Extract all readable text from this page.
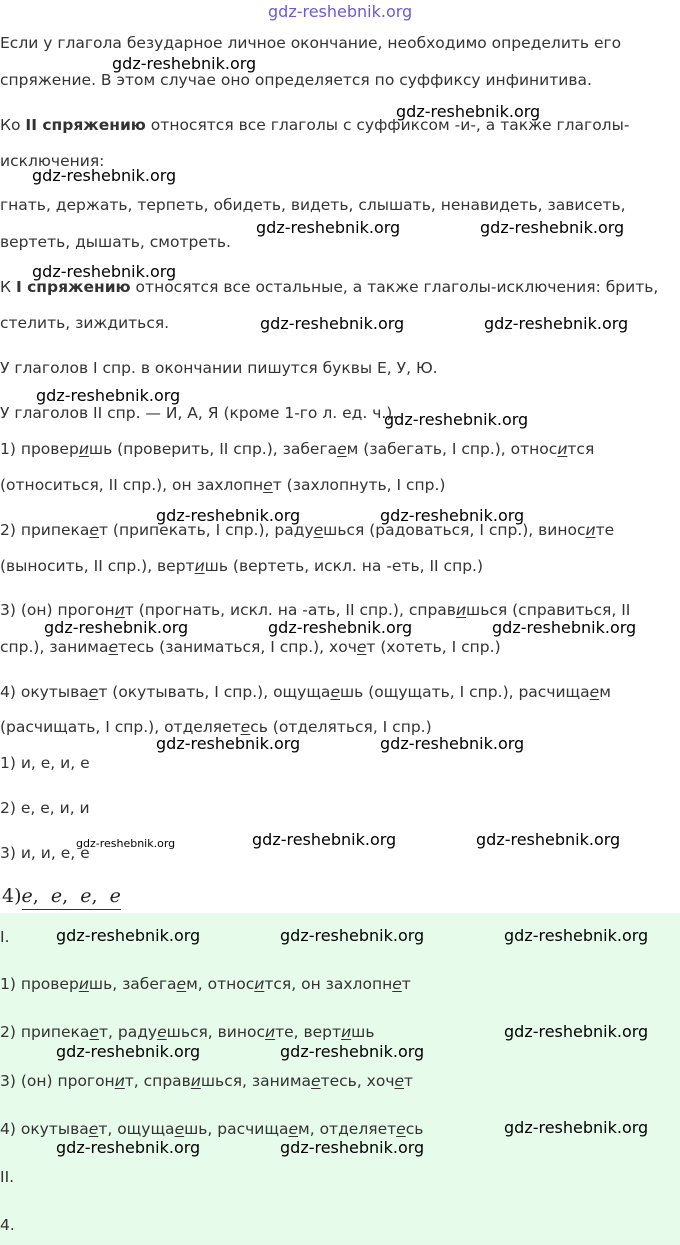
gdz-reshebnik.org
Если у глагола безударное личное окончание, необходимо определить его
спряжение. В этом случае оно определяется по суффиксу инфинитива.
Ко II спряжению относятся все глаголы с суффиксом -и-, а также глаголы-
исключения:
гнать, держать, терпеть, обидеть, видеть, слышать, ненавидеть, зависеть,
вертеть, дышать, смотреть.
К I спряжению относятся все остальные, а также глаголы-исключения: брить,
стелить, зиждиться.
У глаголов I спр. в окончании пишутся буквы Е, У, Ю.
У глаголов II спр. — И, А, Я (кроме 1-го л. ед. ч.).
1) проверишь (проверить, II спр.), забегаем (забегать, I спр.), относится
(относиться, II спр.), он захлопнет (захлопнуть, I спр.)
2) припекает (припекать, I спр.), радуешься (радоваться, I спр.), виносите
(выносить, II спр.), вертишь (вертеть, искл. на -еть, II спр.)
3) (он) прогонит (прогнать, искл. на -ать, II спр.), справишься (справиться, II
спр.), занимаетесь (заниматься, I спр.), хочет (хотеть, I спр.)
4) окутывает (окутывать, I спр.), ощущаешь (ощущать, I спр.), расчищаем
(расчищать, I спр.), отделяетесь (отделяться, I спр.)
1) и, е, и, е
2) е, е, и, и
3) и, и, е, е
4)е,  е,  е,  е
I.
1) проверишь, забегаем, относится, он захлопнет
2) припекает, радуешься, виносите, вертишь
3) (он) прогонит, справишься, занимаетесь, хочет
4) окутывает, ощущаешь, расчищаем, отделяетесь
II.
4.
gdz-reshebnik.org
gdz-reshebnik.org
gdz-reshebnik.org
gdz-reshebnik.org	gdz-reshebnik.org
gdz-reshebnik.org
gdz-reshebnik.org	gdz-reshebnik.org
gdz-reshebnik.org
gdz-reshebnik.org
gdz-reshebnik.org	gdz-reshebnik.org
gdz-reshebnik.org	gdz-reshebnik.org	gdz-reshebnik.org
gdz-reshebnik.org	gdz-reshebnik.org
gdz-reshebnik.org	gdz-reshebnik.org	gdz-reshebnik.org
gdz-reshebnik.org	gdz-reshebnik.org	gdz-reshebnik.org
gdz-reshebnik.org
gdz-reshebnik.org	gdz-reshebnik.org
gdz-reshebnik.org
gdz-reshebnik.org	gdz-reshebnik.org
